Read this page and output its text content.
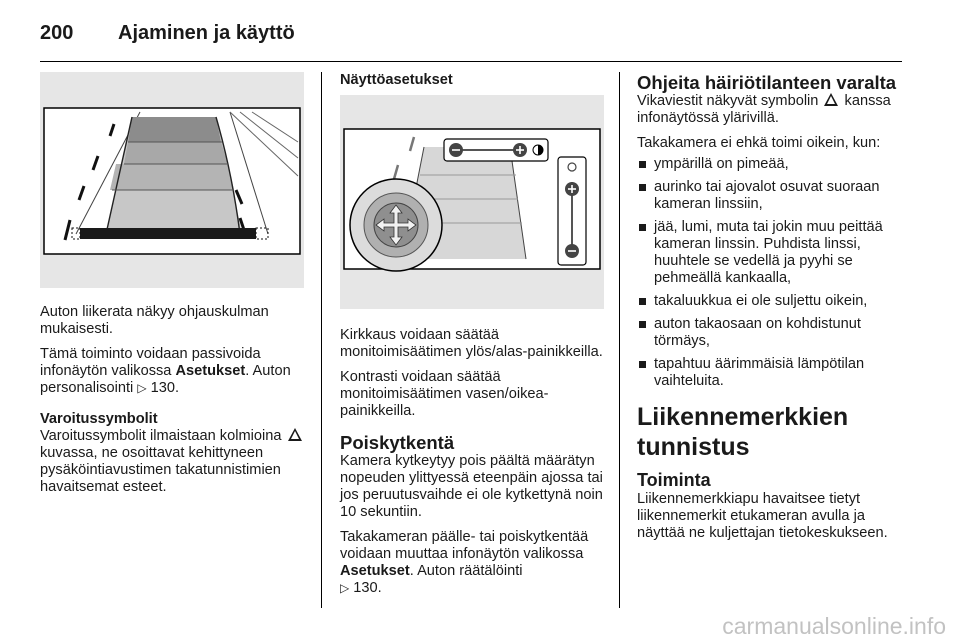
200 Ajaminen ja käyttö

Auton liikerata näkyy ohjauskulman mukaisesti.

Tämä toiminto voidaan passivoida infonäytön valikossa Asetukset. Auton personalisointi ▷ 130.

Varoitussymbolit
Varoitussymbolit ilmaistaan kolmioina  kuvassa, ne osoittavat kehittyneen pysäköintiavustimen takatunnistimien havaitsemat esteet.

Näyttöasetukset

Kirkkaus voidaan säätää monitoimisäätimen ylös/alas-painikkeilla.

Kontrasti voidaan säätää monitoimisäätimen vasen/oikea-painikkeilla.

Poiskytkentä
Kamera kytkeytyy pois päältä määrätyn nopeuden ylittyessä eteenpäin ajossa tai jos peruutusvaihde ei ole kytkettynä noin 10 sekuntiin.

Takakameran päälle- tai poiskytkentää voidaan muuttaa infonäytön valikossa Asetukset. Auton räätälöinti
▷ 130.

Ohjeita häiriötilanteen varalta
Vikaviestit näkyvät symbolin  kanssa infonäytössä ylärivillä.

Takakamera ei ehkä toimi oikein, kun:

ympärillä on pimeää,
aurinko tai ajovalot osuvat suoraan kameran linssiin,
jää, lumi, muta tai jokin muu peittää kameran linssin. Puhdista linssi, huuhtele se vedellä ja pyyhi se pehmeällä kankaalla,
takaluukkua ei ole suljettu oikein,
auton takaosaan on kohdistunut törmäys,
tapahtuu äärimmäisiä lämpötilan vaihteluita.
Liikennemerkkien tunnistus

Toiminta
Liikennemerkkiapu havaitsee tietyt liikennemerkit etukameran avulla ja näyttää ne kuljettajan tietokeskukseen.

carmanualsonline.info
